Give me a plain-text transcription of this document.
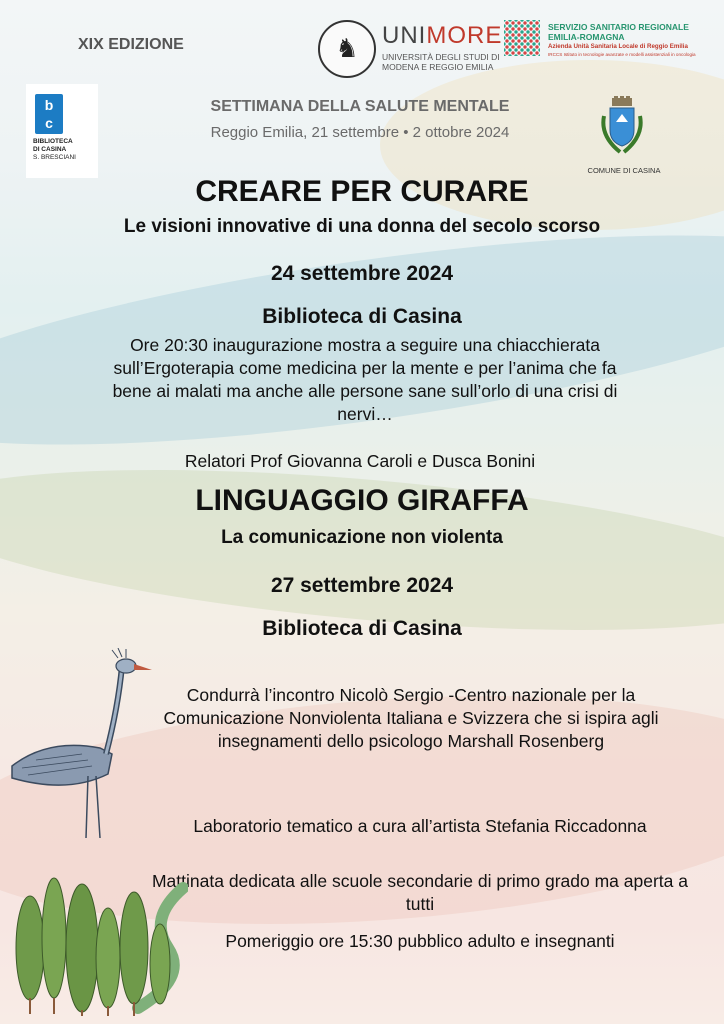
XIX EDIZIONE	♞ UNIMORE
UNIVERSITÀ DEGLI STUDI DI
MODENA E REGGIO EMILIA
SERVIZIO SANITARIO REGIONALE
EMILIA-ROMAGNA
Azienda Unità Sanitaria Locale di Reggio Emilia
IRCCS Istituto in tecnologie avanzate e modelli assistenziali in oncologia
b
c
BIBLIOTECA
DI CASINA
S. BRESCIANI
SETTIMANA DELLA SALUTE MENTALE
Reggio Emilia, 21 settembre • 2 ottobre 2024
COMUNE DI CASINA
CREARE PER CURARE
Le visioni innovative di una donna del secolo scorso
24 settembre 2024
Biblioteca di Casina
Ore 20:30 inaugurazione mostra a seguire una chiacchierata sull’Ergoterapia come medicina per la mente e per l’anima che fa bene ai malati ma anche alle persone sane sull’orlo di una crisi di nervi…
Relatori Prof Giovanna Caroli e Dusca Bonini
LINGUAGGIO GIRAFFA
La comunicazione non violenta
27 settembre 2024
Biblioteca di Casina
Condurrà l’incontro Nicolò Sergio -Centro nazionale per la Comunicazione Nonviolenta Italiana e Svizzera che si ispira agli insegnamenti dello psicologo Marshall Rosenberg
Laboratorio tematico a cura all’artista Stefania Riccadonna
Mattinata dedicata alle scuole secondarie di primo grado ma aperta a tutti
Pomeriggio ore 15:30 pubblico adulto e insegnanti
